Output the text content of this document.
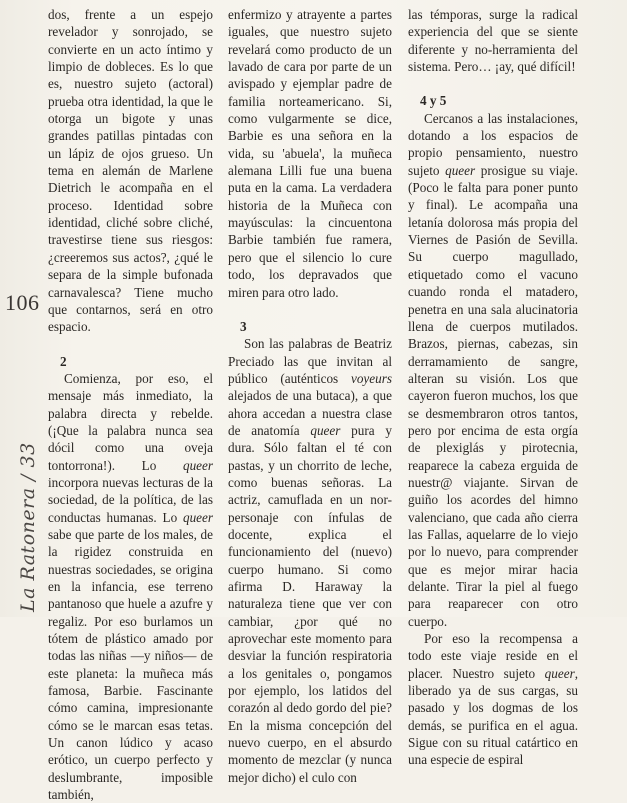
106
La Ratonera / 33

dos, frente a un espejo revelador y sonrojado, se convierte en un acto íntimo y limpio de dobleces. Es lo que es, nuestro sujeto (actoral) prueba otra identidad, la que le otorga un bigote y unas grandes patillas pintadas con un lápiz de ojos grueso. Un tema en alemán de Marlene Dietrich le acompaña en el proceso. Identidad sobre identidad, cliché sobre cliché, travestirse tiene sus riesgos: ¿creeremos sus actos?, ¿qué le separa de la simple bufonada carnavalesca? Tiene mucho que contarnos, será en otro espacio.

2

Comienza, por eso, el mensaje más inmediato, la palabra directa y rebelde. (¡Que la palabra nunca sea dócil como una oveja tontorrona!). Lo queer incorpora nuevas lecturas de la sociedad, de la política, de las conductas humanas. Lo queer sabe que parte de los males, de la rigidez construida en nuestras sociedades, se origina en la infancia, ese terreno pantanoso que huele a azufre y regaliz. Por eso burlamos un tótem de plástico amado por todas las niñas —y niños— de este planeta: la muñeca más famosa, Barbie. Fascinante cómo camina, impresionante cómo se le marcan esas tetas. Un canon lúdico y acaso erótico, un cuerpo perfecto y deslumbrante, imposible también,

enfermizo y atrayente a partes iguales, que nuestro sujeto revelará como producto de un lavado de cara por parte de un avispado y ejemplar padre de familia norteamericano. Si, como vulgarmente se dice, Barbie es una señora en la vida, su 'abuela', la muñeca alemana Lilli fue una buena puta en la cama. La verdadera historia de la Muñeca con mayúsculas: la cincuentona Barbie también fue ramera, pero que el silencio lo cure todo, los depravados que miren para otro lado.

3

Son las palabras de Beatriz Preciado las que invitan al público (auténticos voyeurs alejados de una butaca), a que ahora accedan a nuestra clase de anatomía queer pura y dura. Sólo faltan el té con pastas, y un chorrito de leche, como buenas señoras. La actriz, camuflada en un nor-personaje con ínfulas de docente, explica el funcionamiento del (nuevo) cuerpo humano. Si como afirma D. Haraway la naturaleza tiene que ver con cambiar, ¿por qué no aprovechar este momento para desviar la función respiratoria a los genitales o, pongamos por ejemplo, los latidos del corazón al dedo gordo del pie? En la misma concepción del nuevo cuerpo, en el absurdo momento de mezclar (y nunca mejor dicho) el culo con

las témporas, surge la radical experiencia del que se siente diferente y no-herramienta del sistema. Pero… ¡ay, qué difícil!

4 y 5

Cercanos a las instalaciones, dotando a los espacios de propio pensamiento, nuestro sujeto queer prosigue su viaje. (Poco le falta para poner punto y final). Le acompaña una letanía dolorosa más propia del Viernes de Pasión de Sevilla. Su cuerpo magullado, etiquetado como el vacuno cuando ronda el matadero, penetra en una sala alucinatoria llena de cuerpos mutilados. Brazos, piernas, cabezas, sin derramamiento de sangre, alteran su visión. Los que cayeron fueron muchos, los que se desmembraron otros tantos, pero por encima de esta orgía de plexiglás y pirotecnia, reaparece la cabeza erguida de nuestr@ viajante. Sirvan de guiño los acordes del himno valenciano, que cada año cierra las Fallas, aquelarre de lo viejo por lo nuevo, para comprender que es mejor mirar hacia delante. Tirar la piel al fuego para reaparecer con otro cuerpo.

Por eso la recompensa a todo este viaje reside en el placer. Nuestro sujeto queer, liberado ya de sus cargas, su pasado y los dogmas de los demás, se purifica en el agua. Sigue con su ritual catártico en una especie de espiral
